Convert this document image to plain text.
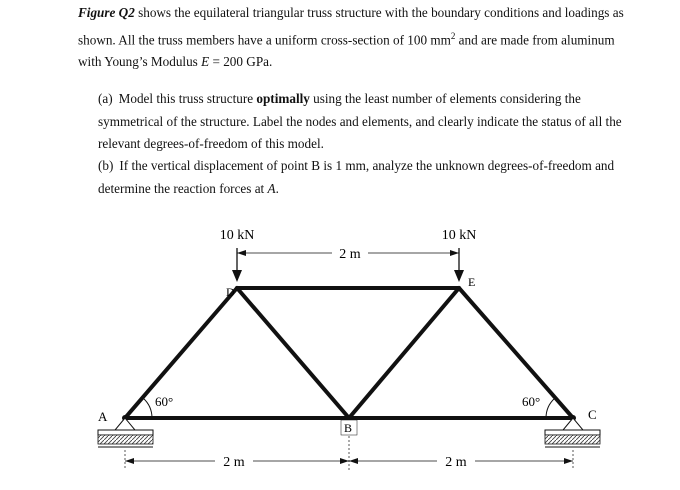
Figure Q2 shows the equilateral triangular truss structure with the boundary conditions and loadings as shown. All the truss members have a uniform cross-section of 100 $mm^2$ and are made from aluminum with Young’s Modulus E = 200 GPa.
(a) Model this truss structure optimally using the least number of elements considering the symmetrical of the structure. Label the nodes and elements, and clearly indicate the status of all the relevant degrees-of-freedom of this model.
(b) If the vertical displacement of point B is 1 mm, analyze the unknown degrees-of-freedom and determine the reaction forces at A.
10 kN	10 kN
2 m
D
E
A	C
B
60°	60°
2 m	2 m
